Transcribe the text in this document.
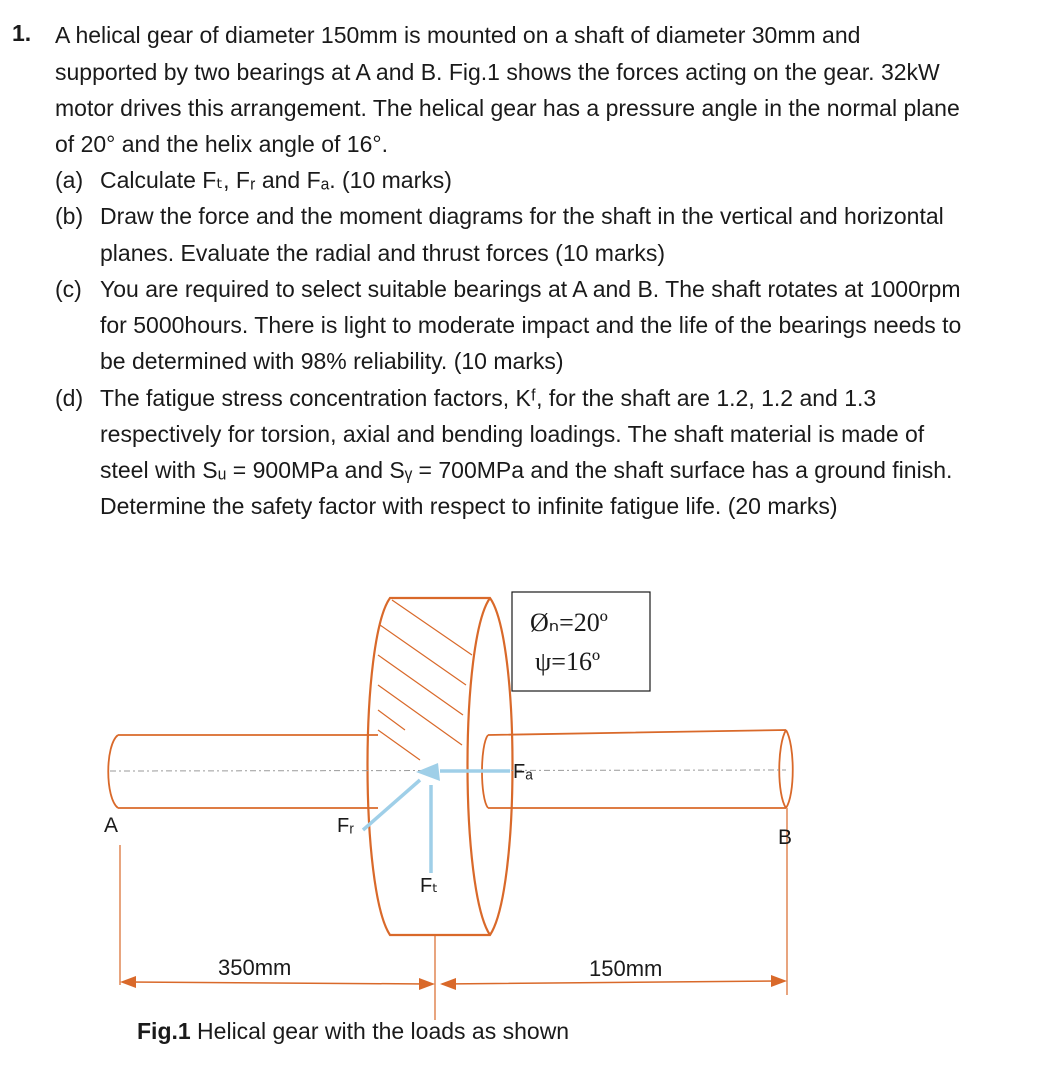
1. A helical gear of diameter 150mm is mounted on a shaft of diameter 30mm and
supported by two bearings at A and B. Fig.1 shows the forces acting on the gear. 32kW
motor drives this arrangement. The helical gear has a pressure angle in the normal plane
of 20° and the helix angle of 16°.
(a) Calculate Fₜ, Fᵣ and Fₐ. (10 marks)
(b) Draw the force and the moment diagrams for the shaft in the vertical and horizontal
planes. Evaluate the radial and thrust forces (10 marks)
(c) You are required to select suitable bearings at A and B. The shaft rotates at 1000rpm
for 5000hours. There is light to moderate impact and the life of the bearings needs to
be determined with 98% reliability. (10 marks)
(d) The fatigue stress concentration factors, Kᶠ, for the shaft are 1.2, 1.2 and 1.3
respectively for torsion, axial and bending loadings. The shaft material is made of
steel with Sᵤ = 900MPa and Sᵧ = 700MPa and the shaft surface has a ground finish.
Determine the safety factor with respect to infinite fatigue life. (20 marks)
Øₙ=20º
ψ=16º
A
B
Fₐ
Fᵣ
Fₜ
350mm	150mm
Fig.1 Helical gear with the loads as shown
